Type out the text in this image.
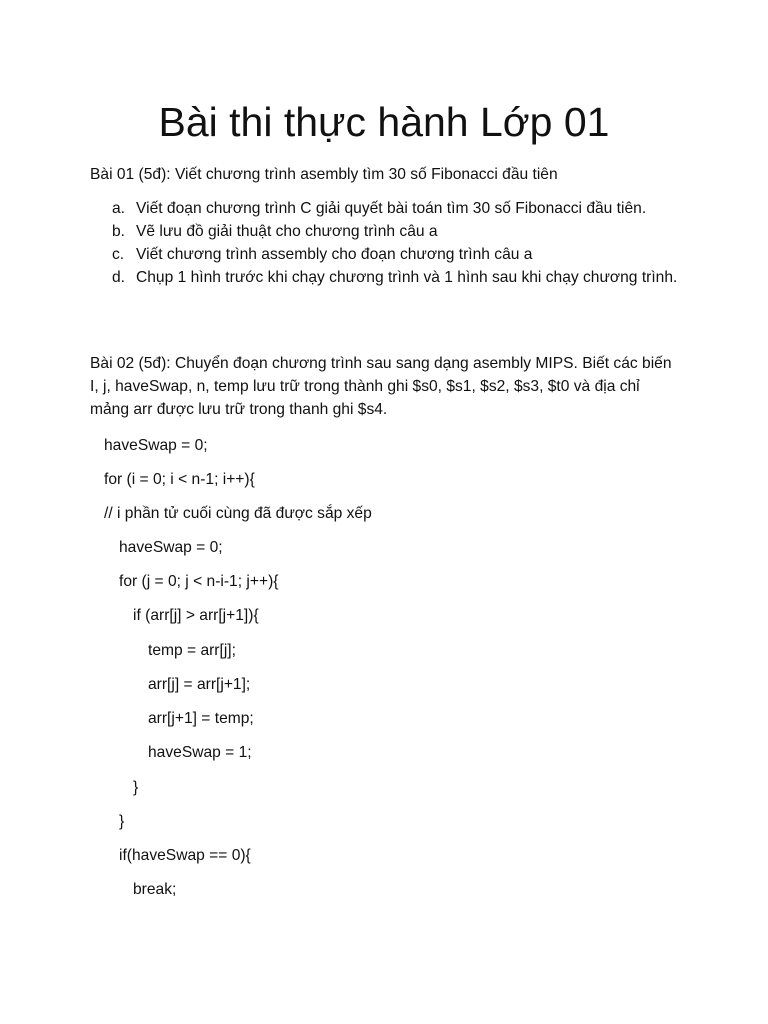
Bài thi thực hành Lớp 01

Bài 01 (5đ): Viết chương trình asembly tìm 30 số Fibonacci đầu tiên

a. Viết đoạn chương trình C giải quyết bài toán tìm 30 số Fibonacci đầu tiên.
b. Vẽ lưu đồ giải thuật cho chương trình câu a
c. Viết chương trình assembly cho đoạn chương trình câu a
d. Chụp 1 hình trước khi chạy chương trình và 1 hình sau khi chạy chương trình.

Bài 02 (5đ): Chuyển đoạn chương trình sau sang dạng asembly MIPS. Biết các biến I, j, haveSwap, n, temp lưu trữ trong thành ghi $s0, $s1, $s2, $s3, $t0 và địa chỉ mảng arr được lưu trữ trong thanh ghi $s4.

haveSwap = 0;

for (i = 0; i < n-1; i++){

// i phần tử cuối cùng đã được sắp xếp

haveSwap = 0;

for (j = 0; j < n-i-1; j++){

if (arr[j] > arr[j+1]){

temp = arr[j];

arr[j] = arr[j+1];

arr[j+1] = temp;

haveSwap = 1;

}

}

if(haveSwap == 0){

break;
